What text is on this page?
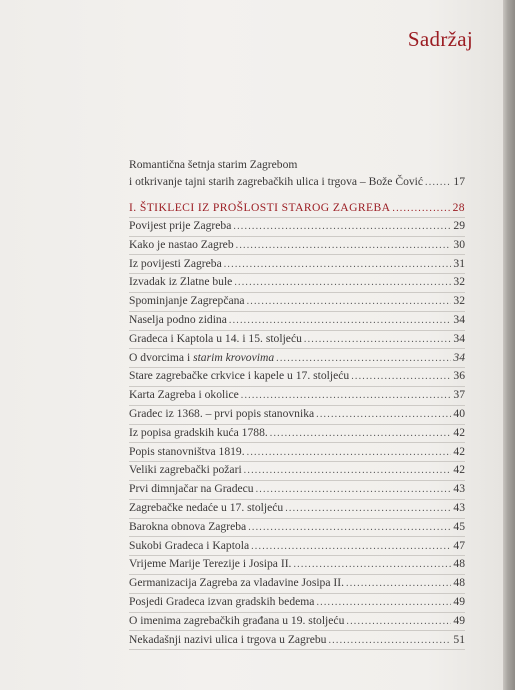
Sadržaj
Romantična šetnja starim Zagrebom
i otkrivanje tajni starih zagrebačkih ulica i trgova – Bože Čović .....	17
I. ŠTIKLECI IZ PROŠLOSTI STAROG ZAGREBA .....	28
Povijest prije Zagreba .....	29
Kako je nastao Zagreb .....	30
Iz povijesti Zagreba .....	31
Izvadak iz Zlatne bule .....	32
Spominjanje Zagrepčana .....	32
Naselja podno zidina .....	34
Gradeca i Kaptola u 14. i 15. stoljeću .....	34
O dvorcima i starim krovovima .....	34
Stare zagrebačke crkvice i kapele u 17. stoljeću .....	36
Karta Zagreba i okolice .....	37
Gradec iz 1368. – prvi popis stanovnika .....	40
Iz popisa gradskih kuća 1788. .....	42
Popis stanovništva 1819. .....	42
Veliki zagrebački požari .....	42
Prvi dimnjačar na Gradecu .....	43
Zagrebačke nedaće u 17. stoljeću .....	43
Barokna obnova Zagreba .....	45
Sukobi Gradeca i Kaptola .....	47
Vrijeme Marije Terezije i Josipa II. .....	48
Germanizacija Zagreba za vladavine Josipa II. .....	48
Posjedi Gradeca izvan gradskih bedema .....	49
O imenima zagrebačkih građana u 19. stoljeću .....	49
Nekadašnji nazivi ulica i trgova u Zagrebu .....	51
